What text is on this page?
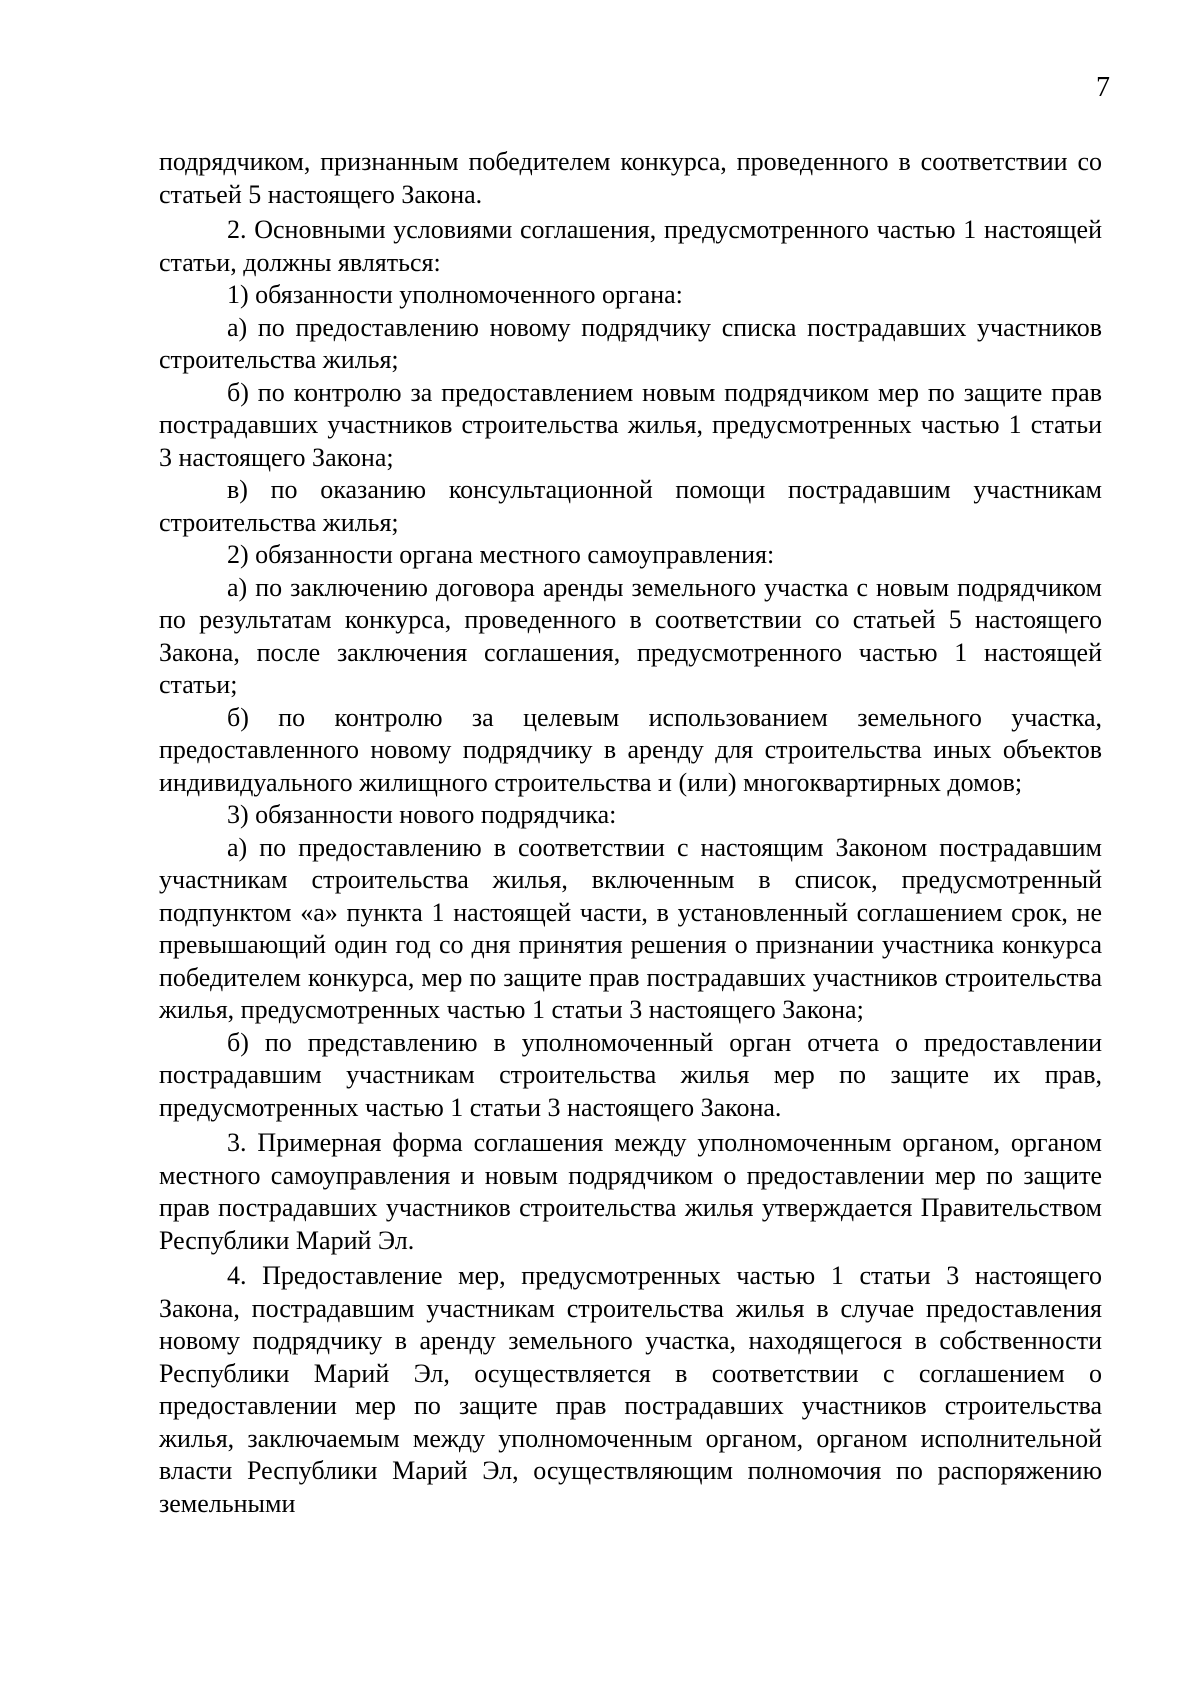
7

подрядчиком, признанным победителем конкурса, проведенного в соответствии со статьей 5 настоящего Закона.

2. Основными условиями соглашения, предусмотренного частью 1 настоящей статьи, должны являться:

1) обязанности уполномоченного органа:

а) по предоставлению новому подрядчику списка пострадавших участников строительства жилья;

б) по контролю за предоставлением новым подрядчиком мер по защите прав пострадавших участников строительства жилья, предусмотренных частью 1 статьи 3 настоящего Закона;

в) по оказанию консультационной помощи пострадавшим участникам строительства жилья;

2) обязанности органа местного самоуправления:

а) по заключению договора аренды земельного участка с новым подрядчиком по результатам конкурса, проведенного в соответствии со статьей 5 настоящего Закона, после заключения соглашения, предусмотренного частью 1 настоящей статьи;

б) по контролю за целевым использованием земельного участка, предоставленного новому подрядчику в аренду для строительства иных объектов индивидуального жилищного строительства и (или) многоквартирных домов;

3) обязанности нового подрядчика:

а) по предоставлению в соответствии с настоящим Законом пострадавшим участникам строительства жилья, включенным в список, предусмотренный подпунктом «а» пункта 1 настоящей части, в установленный соглашением срок, не превышающий один год со дня принятия решения о признании участника конкурса победителем конкурса, мер по защите прав пострадавших участников строительства жилья, предусмотренных частью 1 статьи 3 настоящего Закона;

б) по представлению в уполномоченный орган отчета о предоставлении пострадавшим участникам строительства жилья мер по защите их прав, предусмотренных частью 1 статьи 3 настоящего Закона.

3. Примерная форма соглашения между уполномоченным органом, органом местного самоуправления и новым подрядчиком о предоставлении мер по защите прав пострадавших участников строительства жилья утверждается Правительством Республики Марий Эл.

4. Предоставление мер, предусмотренных частью 1 статьи 3 настоящего Закона, пострадавшим участникам строительства жилья в случае предоставления новому подрядчику в аренду земельного участка, находящегося в собственности Республики Марий Эл, осуществляется в соответствии с соглашением о предоставлении мер по защите прав пострадавших участников строительства жилья, заключаемым между уполномоченным органом, органом исполнительной власти Республики Марий Эл, осуществляющим полномочия по распоряжению земельными
